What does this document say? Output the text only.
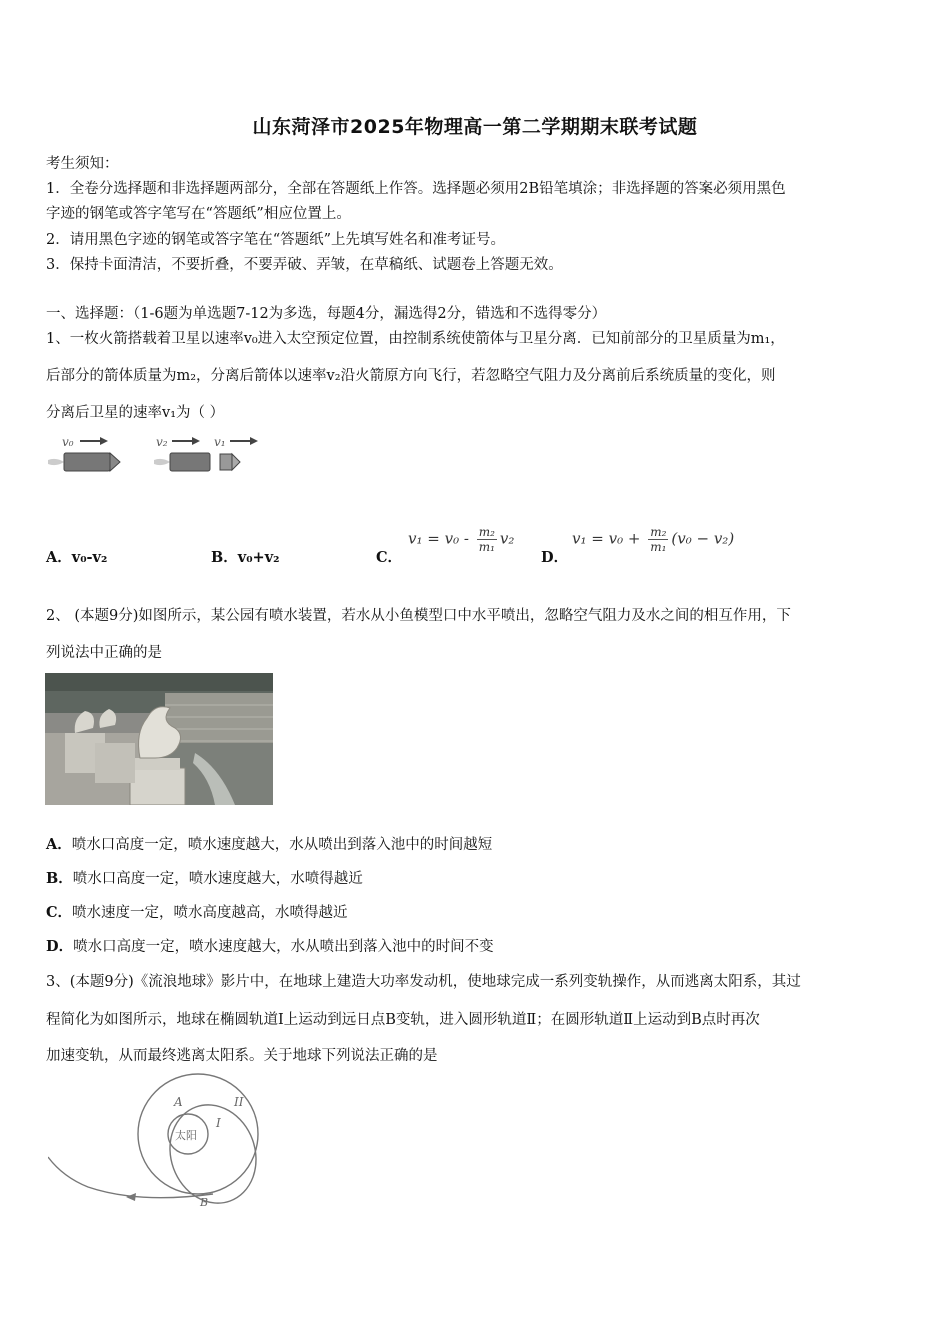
山东菏泽市2025年物理高一第二学期期末联考试题
考生须知：
1．全卷分选择题和非选择题两部分，全部在答题纸上作答。选择题必须用2B铅笔填涂；非选择题的答案必须用黑色
字迹的钢笔或答字笔写在“答题纸”相应位置上。
2．请用黑色字迹的钢笔或答字笔在“答题纸”上先填写姓名和准考证号。
3．保持卡面清洁，不要折叠，不要弄破、弄皱，在草稿纸、试题卷上答题无效。
一、选择题：（1-6题为单选题7-12为多选，每题4分，漏选得2分，错选和不选得零分）
1、一枚火箭搭载着卫星以速率v₀进入太空预定位置，由控制系统使箭体与卫星分离．已知前部分的卫星质量为m₁，
后部分的箭体质量为m₂，分离后箭体以速率v₂沿火箭原方向飞行，若忽略空气阻力及分离前后系统质量的变化，则
分离后卫星的速率v₁为（ ）
v₀	v₂	v₁
A．v₀-v₂	B．v₀+v₂	C．
$v_1 = v_0 - \frac{\text{m₂}}{\text{m₁}} v_2$
D．
$v_1 = v_0 + \frac{\text{m₂}}{\text{m₁}} (v_0 - v_2)$
2、 (本题9分)如图所示，某公园有喷水装置，若水从小鱼模型口中水平喷出，忽略空气阻力及水之间的相互作用，下
列说法中正确的是
A．喷水口高度一定，喷水速度越大，水从喷出到落入池中的时间越短
B．喷水口高度一定，喷水速度越大，水喷得越近
C．喷水速度一定，喷水高度越高，水喷得越近
D．喷水口高度一定，喷水速度越大，水从喷出到落入池中的时间不变
3、(本题9分)《流浪地球》影片中，在地球上建造大功率发动机，使地球完成一系列变轨操作，从而逃离太阳系，其过
程简化为如图所示，地球在椭圆轨道Ⅰ上运动到远日点B变轨，进入圆形轨道Ⅱ；在圆形轨道Ⅱ上运动到B点时再次
加速变轨，从而最终逃离太阳系。关于地球下列说法正确的是
太阳
I
II
A
B
